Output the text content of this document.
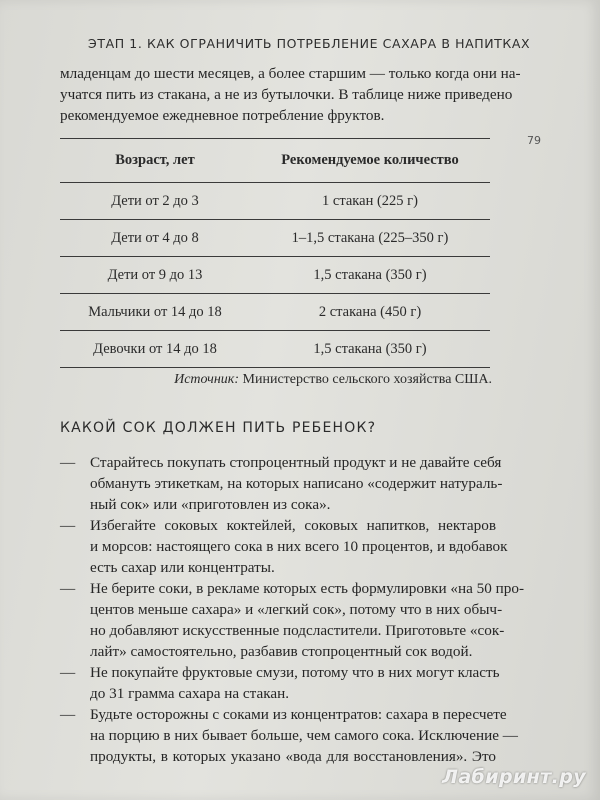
ЭТАП 1. КАК ОГРАНИЧИТЬ ПОТРЕБЛЕНИЕ САХАРА В НАПИТКАХ
79
младенцам до шести месяцев, а более старшим — только когда они на-
учатся пить из стакана, а не из бутылочки. В таблице ниже приведено
рекомендуемое ежедневное потребление фруктов.
Возраст, лет	Рекомендуемое количество
Дети от 2 до 3	1 стакан (225 г)
Дети от 4 до 8	1–1,5 стакана (225–350 г)
Дети от 9 до 13	1,5 стакана (350 г)
Мальчики от 14 до 18	2 стакана (450 г)
Девочки от 14 до 18	1,5 стакана (350 г)
Источник: Министерство сельского хозяйства США.
КАКОЙ СОК ДОЛЖЕН ПИТЬ РЕБЕНОК?
— Старайтесь покупать стопроцентный продукт и не давайте себя
обмануть этикеткам, на которых написано «содержит натураль-
ный сок» или «приготовлен из сока».
— Избегайте соковых коктейлей, соковых напитков, нектаров
и морсов: настоящего сока в них всего 10 процентов, и вдобавок
есть сахар или концентраты.
— Не берите соки, в рекламе которых есть формулировки «на 50 про-
центов меньше сахара» и «легкий сок», потому что в них обыч-
но добавляют искусственные подсластители. Приготовьте «сок-
лайт» самостоятельно, разбавив стопроцентный сок водой.
— Не покупайте фруктовые смузи, потому что в них могут класть
до 31 грамма сахара на стакан.
— Будьте осторожны с соками из концентратов: сахара в пересчете
на порцию в них бывает больше, чем самого сока. Исключение —
продукты, в которых указано «вода для восстановления». Это
Лабиринт.ру
